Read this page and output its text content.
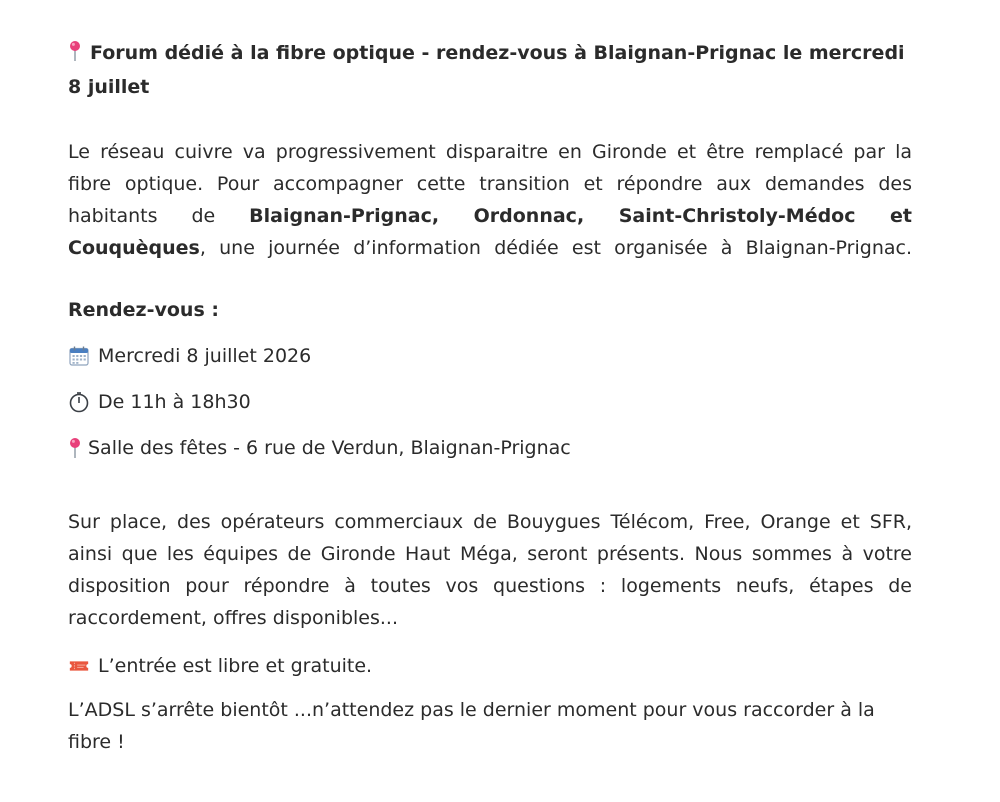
Forum dédié à la fibre optique - rendez-vous à Blaignan-Prignac le mercredi 8 juillet

Le réseau cuivre va progressivement disparaitre en Gironde et être remplacé par la fibre optique. Pour accompagner cette transition et répondre aux demandes des habitants de Blaignan-Prignac, Ordonnac, Saint-Christoly-Médoc et Couquèques, une journée d’information dédiée est organisée à Blaignan-Prignac.

Rendez-vous :

Mercredi 8 juillet 2026
De 11h à 18h30
Salle des fêtes - 6 rue de Verdun, Blaignan-Prignac

Sur place, des opérateurs commerciaux de Bouygues Télécom, Free, Orange et SFR, ainsi que les équipes de Gironde Haut Méga, seront présents. Nous sommes à votre disposition pour répondre à toutes vos questions : logements neufs, étapes de raccordement, offres disponibles...

L’entrée est libre et gratuite.

L’ADSL s’arrête bientôt ...n’attendez pas le dernier moment pour vous raccorder à la fibre !
